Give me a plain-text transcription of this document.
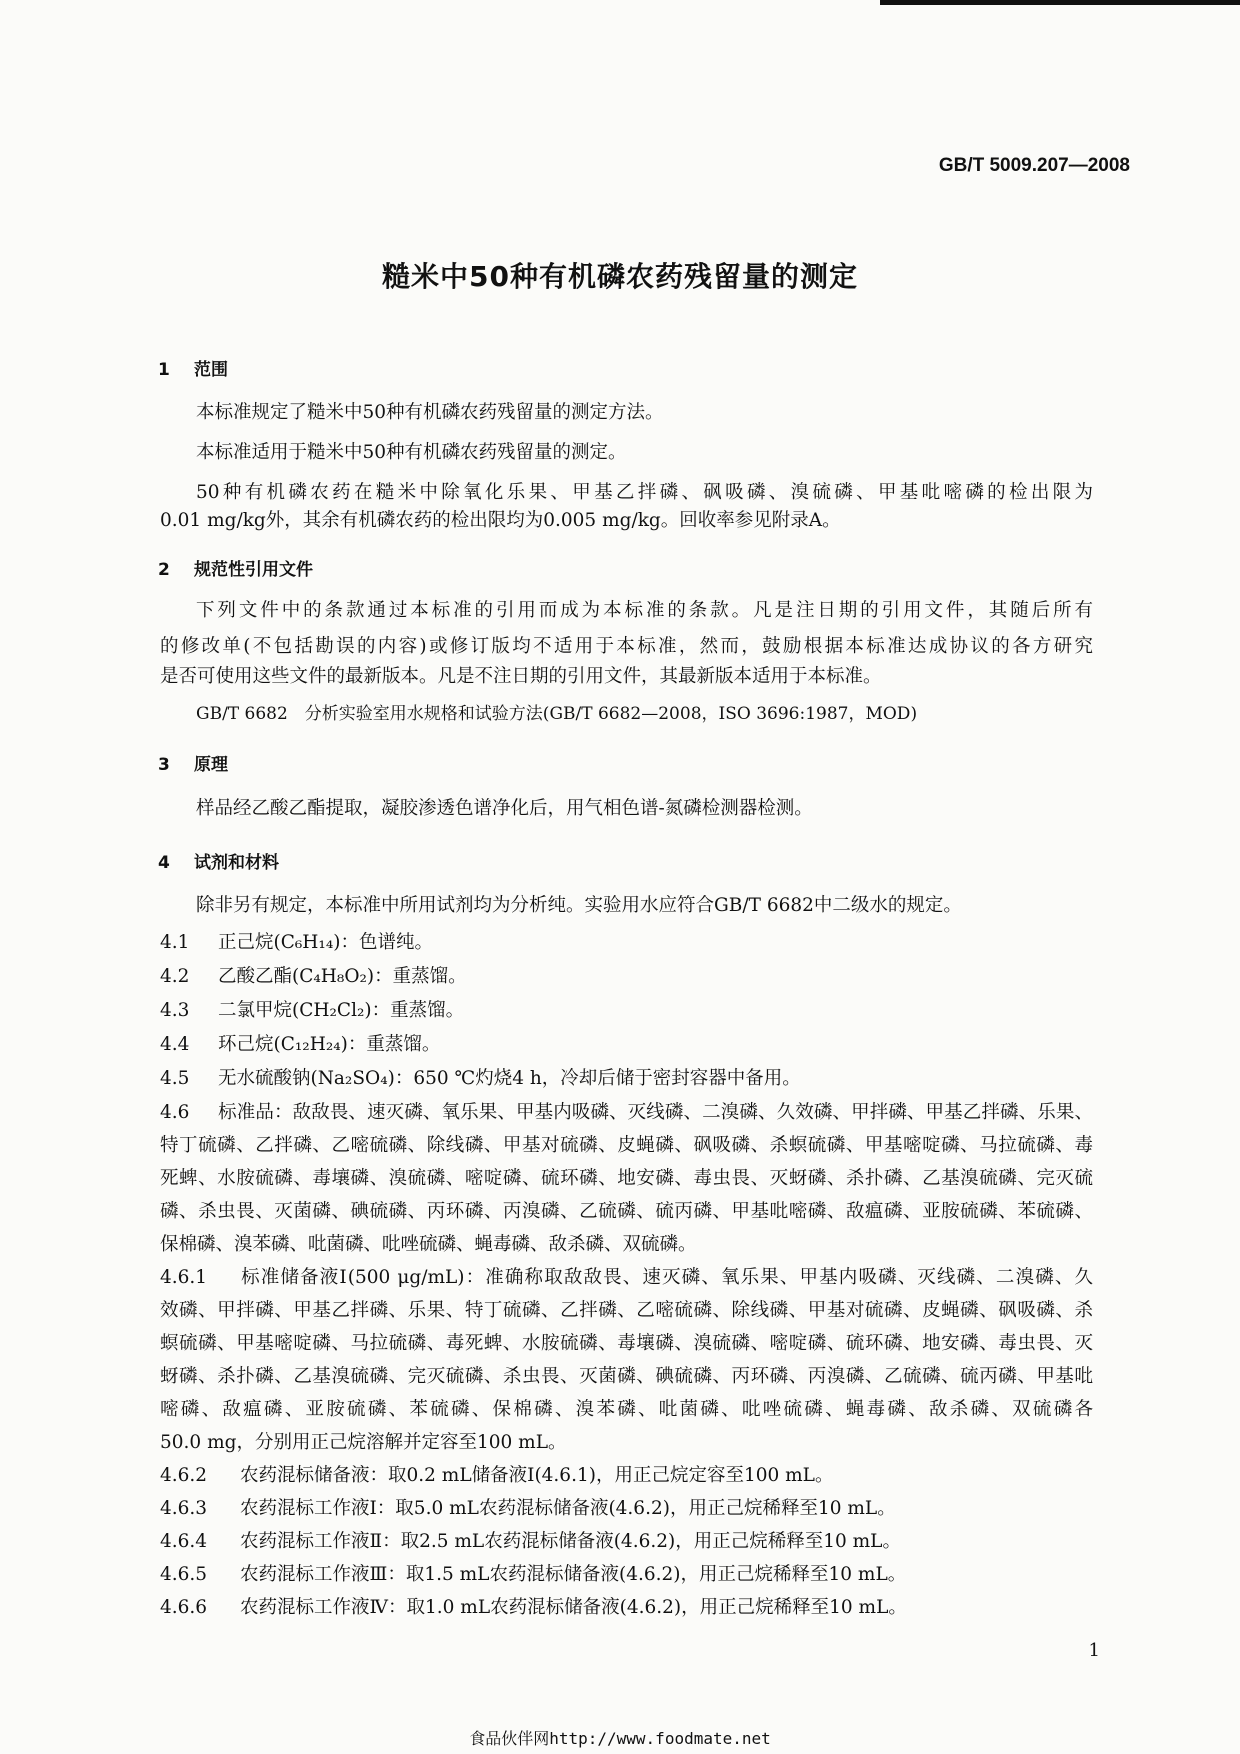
GB/T 5009.207—2008
糙米中50种有机磷农药残留量的测定
1 范围
本标准规定了糙米中50种有机磷农药残留量的测定方法。
本标准适用于糙米中50种有机磷农药残留量的测定。
50种有机磷农药在糙米中除氧化乐果、甲基乙拌磷、砜吸磷、溴硫磷、甲基吡嘧磷的检出限为
0.01 mg/kg外，其余有机磷农药的检出限均为0.005 mg/kg。回收率参见附录A。
2 规范性引用文件
下列文件中的条款通过本标准的引用而成为本标准的条款。凡是注日期的引用文件，其随后所有
的修改单(不包括勘误的内容)或修订版均不适用于本标准，然而，鼓励根据本标准达成协议的各方研究
是否可使用这些文件的最新版本。凡是不注日期的引用文件，其最新版本适用于本标准。
GB/T 6682　分析实验室用水规格和试验方法(GB/T 6682—2008，ISO 3696:1987，MOD)
3 原理
样品经乙酸乙酯提取，凝胶渗透色谱净化后，用气相色谱-氮磷检测器检测。
4 试剂和材料
除非另有规定，本标准中所用试剂均为分析纯。实验用水应符合GB/T 6682中二级水的规定。
4.1 正己烷(C₆H₁₄)：色谱纯。
4.2 乙酸乙酯(C₄H₈O₂)：重蒸馏。
4.3 二氯甲烷(CH₂Cl₂)：重蒸馏。
4.4 环己烷(C₁₂H₂₄)：重蒸馏。
4.5 无水硫酸钠(Na₂SO₄)：650 ℃灼烧4 h，冷却后储于密封容器中备用。
4.6 标准品：敌敌畏、速灭磷、氧乐果、甲基内吸磷、灭线磷、二溴磷、久效磷、甲拌磷、甲基乙拌磷、乐果、
特丁硫磷、乙拌磷、乙嘧硫磷、除线磷、甲基对硫磷、皮蝇磷、砜吸磷、杀螟硫磷、甲基嘧啶磷、马拉硫磷、毒
死蜱、水胺硫磷、毒壤磷、溴硫磷、嘧啶磷、硫环磷、地安磷、毒虫畏、灭蚜磷、杀扑磷、乙基溴硫磷、完灭硫
磷、杀虫畏、灭菌磷、碘硫磷、丙环磷、丙溴磷、乙硫磷、硫丙磷、甲基吡嘧磷、敌瘟磷、亚胺硫磷、苯硫磷、
保棉磷、溴苯磷、吡菌磷、吡唑硫磷、蝇毒磷、敌杀磷、双硫磷。
4.6.1 标准储备液Ⅰ(500 μg/mL)：准确称取敌敌畏、速灭磷、氧乐果、甲基内吸磷、灭线磷、二溴磷、久
效磷、甲拌磷、甲基乙拌磷、乐果、特丁硫磷、乙拌磷、乙嘧硫磷、除线磷、甲基对硫磷、皮蝇磷、砜吸磷、杀
螟硫磷、甲基嘧啶磷、马拉硫磷、毒死蜱、水胺硫磷、毒壤磷、溴硫磷、嘧啶磷、硫环磷、地安磷、毒虫畏、灭
蚜磷、杀扑磷、乙基溴硫磷、完灭硫磷、杀虫畏、灭菌磷、碘硫磷、丙环磷、丙溴磷、乙硫磷、硫丙磷、甲基吡
嘧磷、敌瘟磷、亚胺硫磷、苯硫磷、保棉磷、溴苯磷、吡菌磷、吡唑硫磷、蝇毒磷、敌杀磷、双硫磷各
50.0 mg，分别用正己烷溶解并定容至100 mL。
4.6.2 农药混标储备液：取0.2 mL储备液Ⅰ(4.6.1)，用正己烷定容至100 mL。
4.6.3 农药混标工作液Ⅰ：取5.0 mL农药混标储备液(4.6.2)，用正己烷稀释至10 mL。
4.6.4 农药混标工作液Ⅱ：取2.5 mL农药混标储备液(4.6.2)，用正己烷稀释至10 mL。
4.6.5 农药混标工作液Ⅲ：取1.5 mL农药混标储备液(4.6.2)，用正己烷稀释至10 mL。
4.6.6 农药混标工作液Ⅳ：取1.0 mL农药混标储备液(4.6.2)，用正己烷稀释至10 mL。
1
食品伙伴网http://www.foodmate.net
